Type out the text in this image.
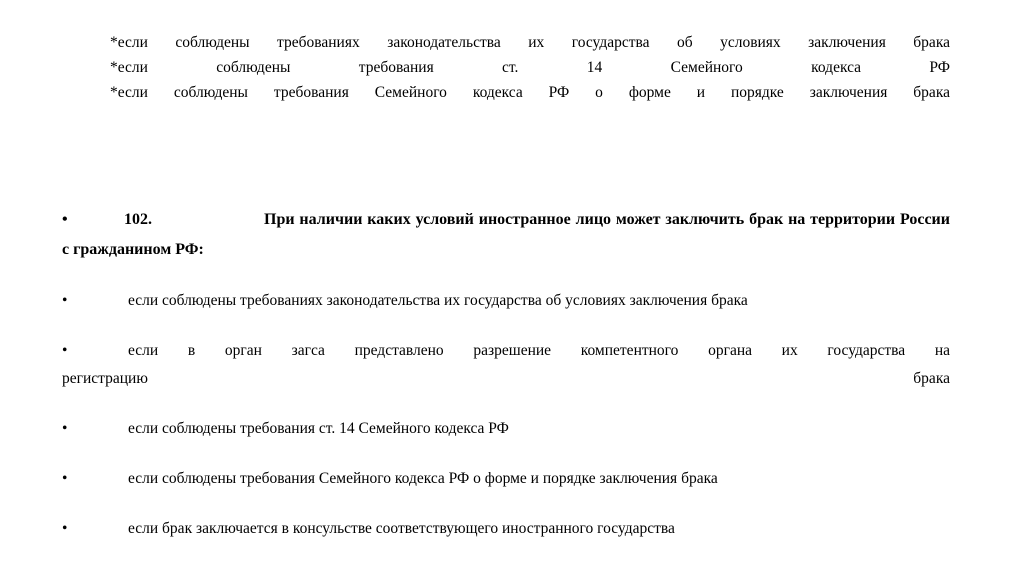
*если соблюдены требованиях законодательства их государства об условиях заключения брака
*если соблюдены требования ст. 14 Семейного кодекса РФ
*если соблюдены требования Семейного кодекса РФ о форме и порядке заключения брака
•	102.	При наличии каких условий иностранное лицо может заключить брак на территории России с гражданином РФ:
•	если соблюдены требованиях законодательства их государства об условиях заключения брака
•	если в орган загса представлено разрешение компетентного органа их государства на
регистрацию брака
•	если соблюдены требования ст. 14 Семейного кодекса РФ
•	если соблюдены требования Семейного кодекса РФ о форме и порядке заключения брака
•	если брак заключается в консульстве соответствующего иностранного государства
